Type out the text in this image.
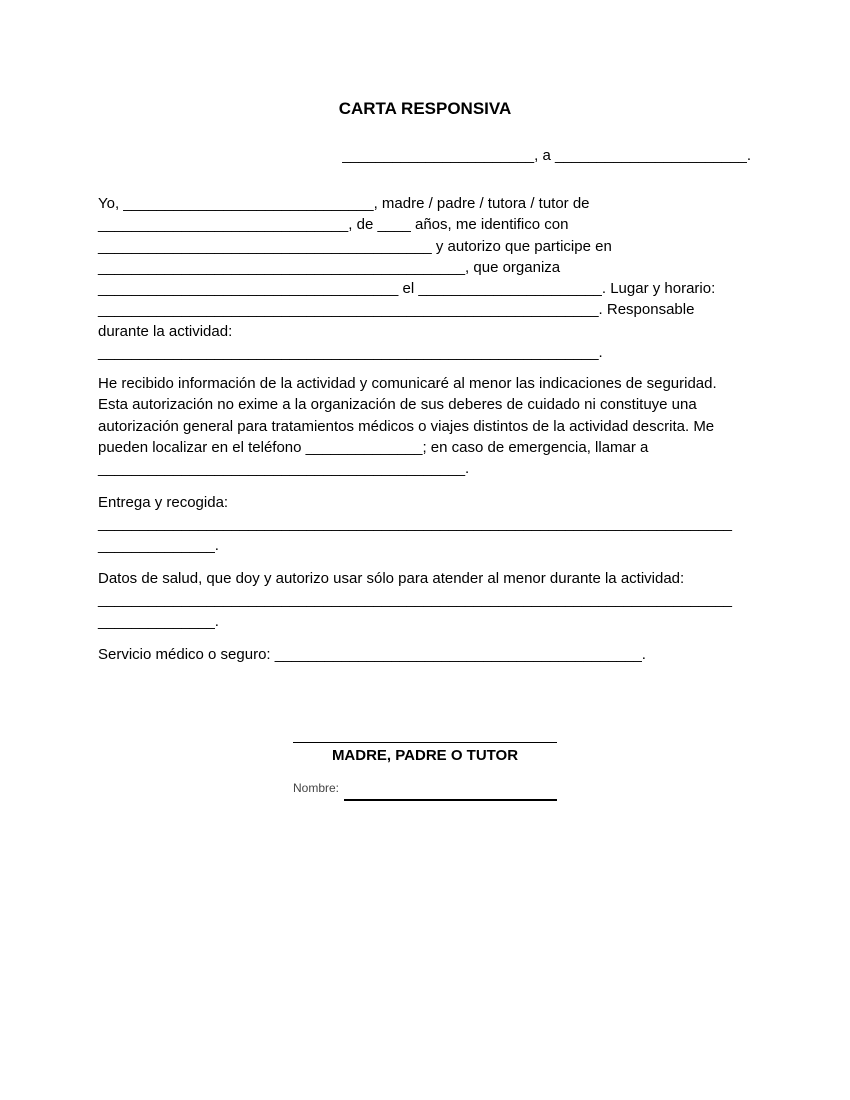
CARTA RESPONSIVA
_______________________, a _______________________.
Yo, ______________________________, madre / padre / tutora / tutor de
______________________________, de ____ años, me identifico con
________________________________________ y autorizo que participe en
____________________________________________, que organiza
____________________________________ el ______________________. Lugar y horario:
____________________________________________________________. Responsable
durante la actividad:
____________________________________________________________.
He recibido información de la actividad y comunicaré al menor las indicaciones de seguridad.
Esta autorización no exime a la organización de sus deberes de cuidado ni constituye una
autorización general para tratamientos médicos o viajes distintos de la actividad descrita. Me
pueden localizar en el teléfono ______________; en caso de emergencia, llamar a
____________________________________________.
Entrega y recogida:
____________________________________________________________________________
______________.
Datos de salud, que doy y autorizo usar sólo para atender al menor durante la actividad:
____________________________________________________________________________
______________.
Servicio médico o seguro: ____________________________________________.
MADRE, PADRE O TUTOR
Nombre:
